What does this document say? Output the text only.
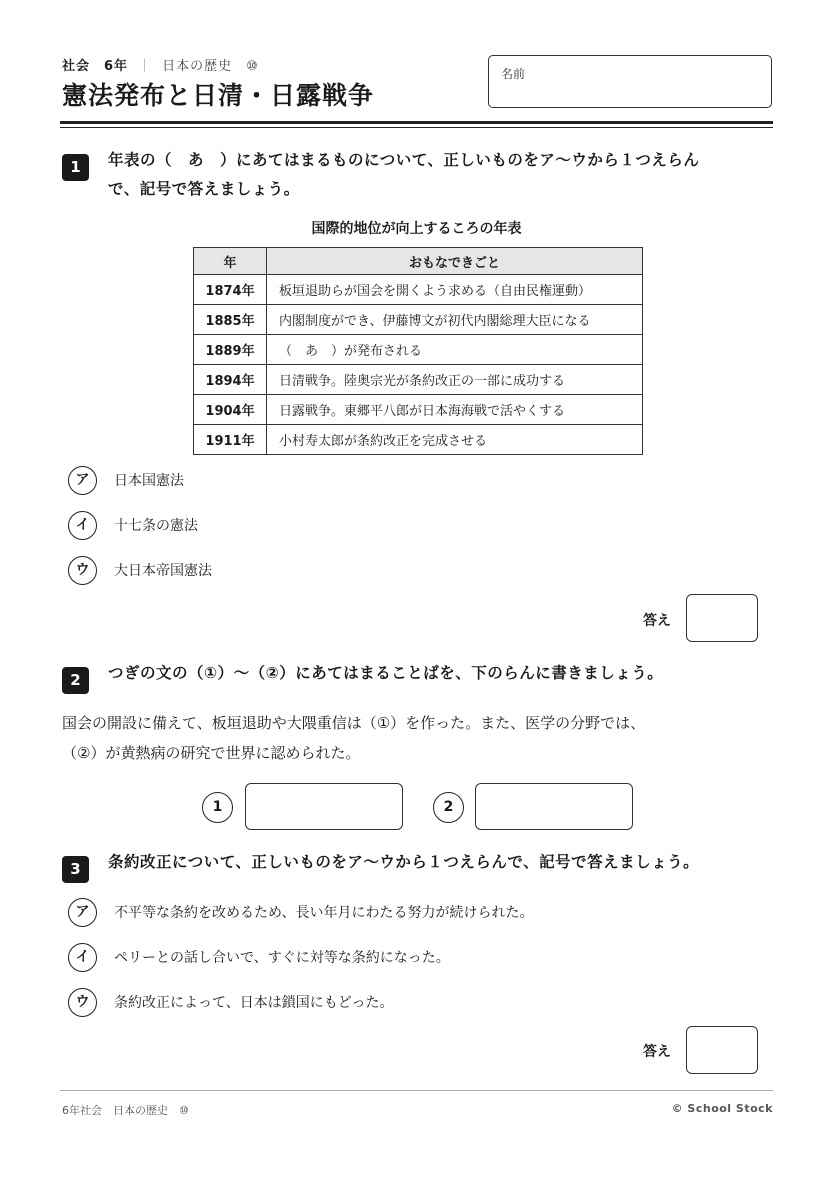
社会　6年 ｜ 日本の歴史　⑩
憲法発布と日清・日露戦争
名前
1	年表の（　あ　）にあてはまるものについて、正しいものをア～ウから１つえらん
で、記号で答えましょう。
国際的地位が向上するころの年表
年	おもなできごと
1874年	板垣退助らが国会を開くよう求める（自由民権運動）
1885年	内閣制度ができ、伊藤博文が初代内閣総理大臣になる
1889年	（　あ　）が発布される
1894年	日清戦争。陸奥宗光が条約改正の一部に成功する
1904年	日露戦争。東郷平八郎が日本海海戦で活やくする
1911年	小村寿太郎が条約改正を完成させる
ア	日本国憲法
イ	十七条の憲法
ウ	大日本帝国憲法
答え
2	つぎの文の（①）～（②）にあてはまることばを、下のらんに書きましょう。
国会の開設に備えて、板垣退助や大隈重信は（①）を作った。また、医学の分野では、
（②）が黄熱病の研究で世界に認められた。
1	2
3	条約改正について、正しいものをア～ウから１つえらんで、記号で答えましょう。
ア	不平等な条約を改めるため、長い年月にわたる努力が続けられた。
イ	ペリーとの話し合いで、すぐに対等な条約になった。
ウ	条約改正によって、日本は鎖国にもどった。
答え
6年社会　日本の歴史　⑩	© School Stock
